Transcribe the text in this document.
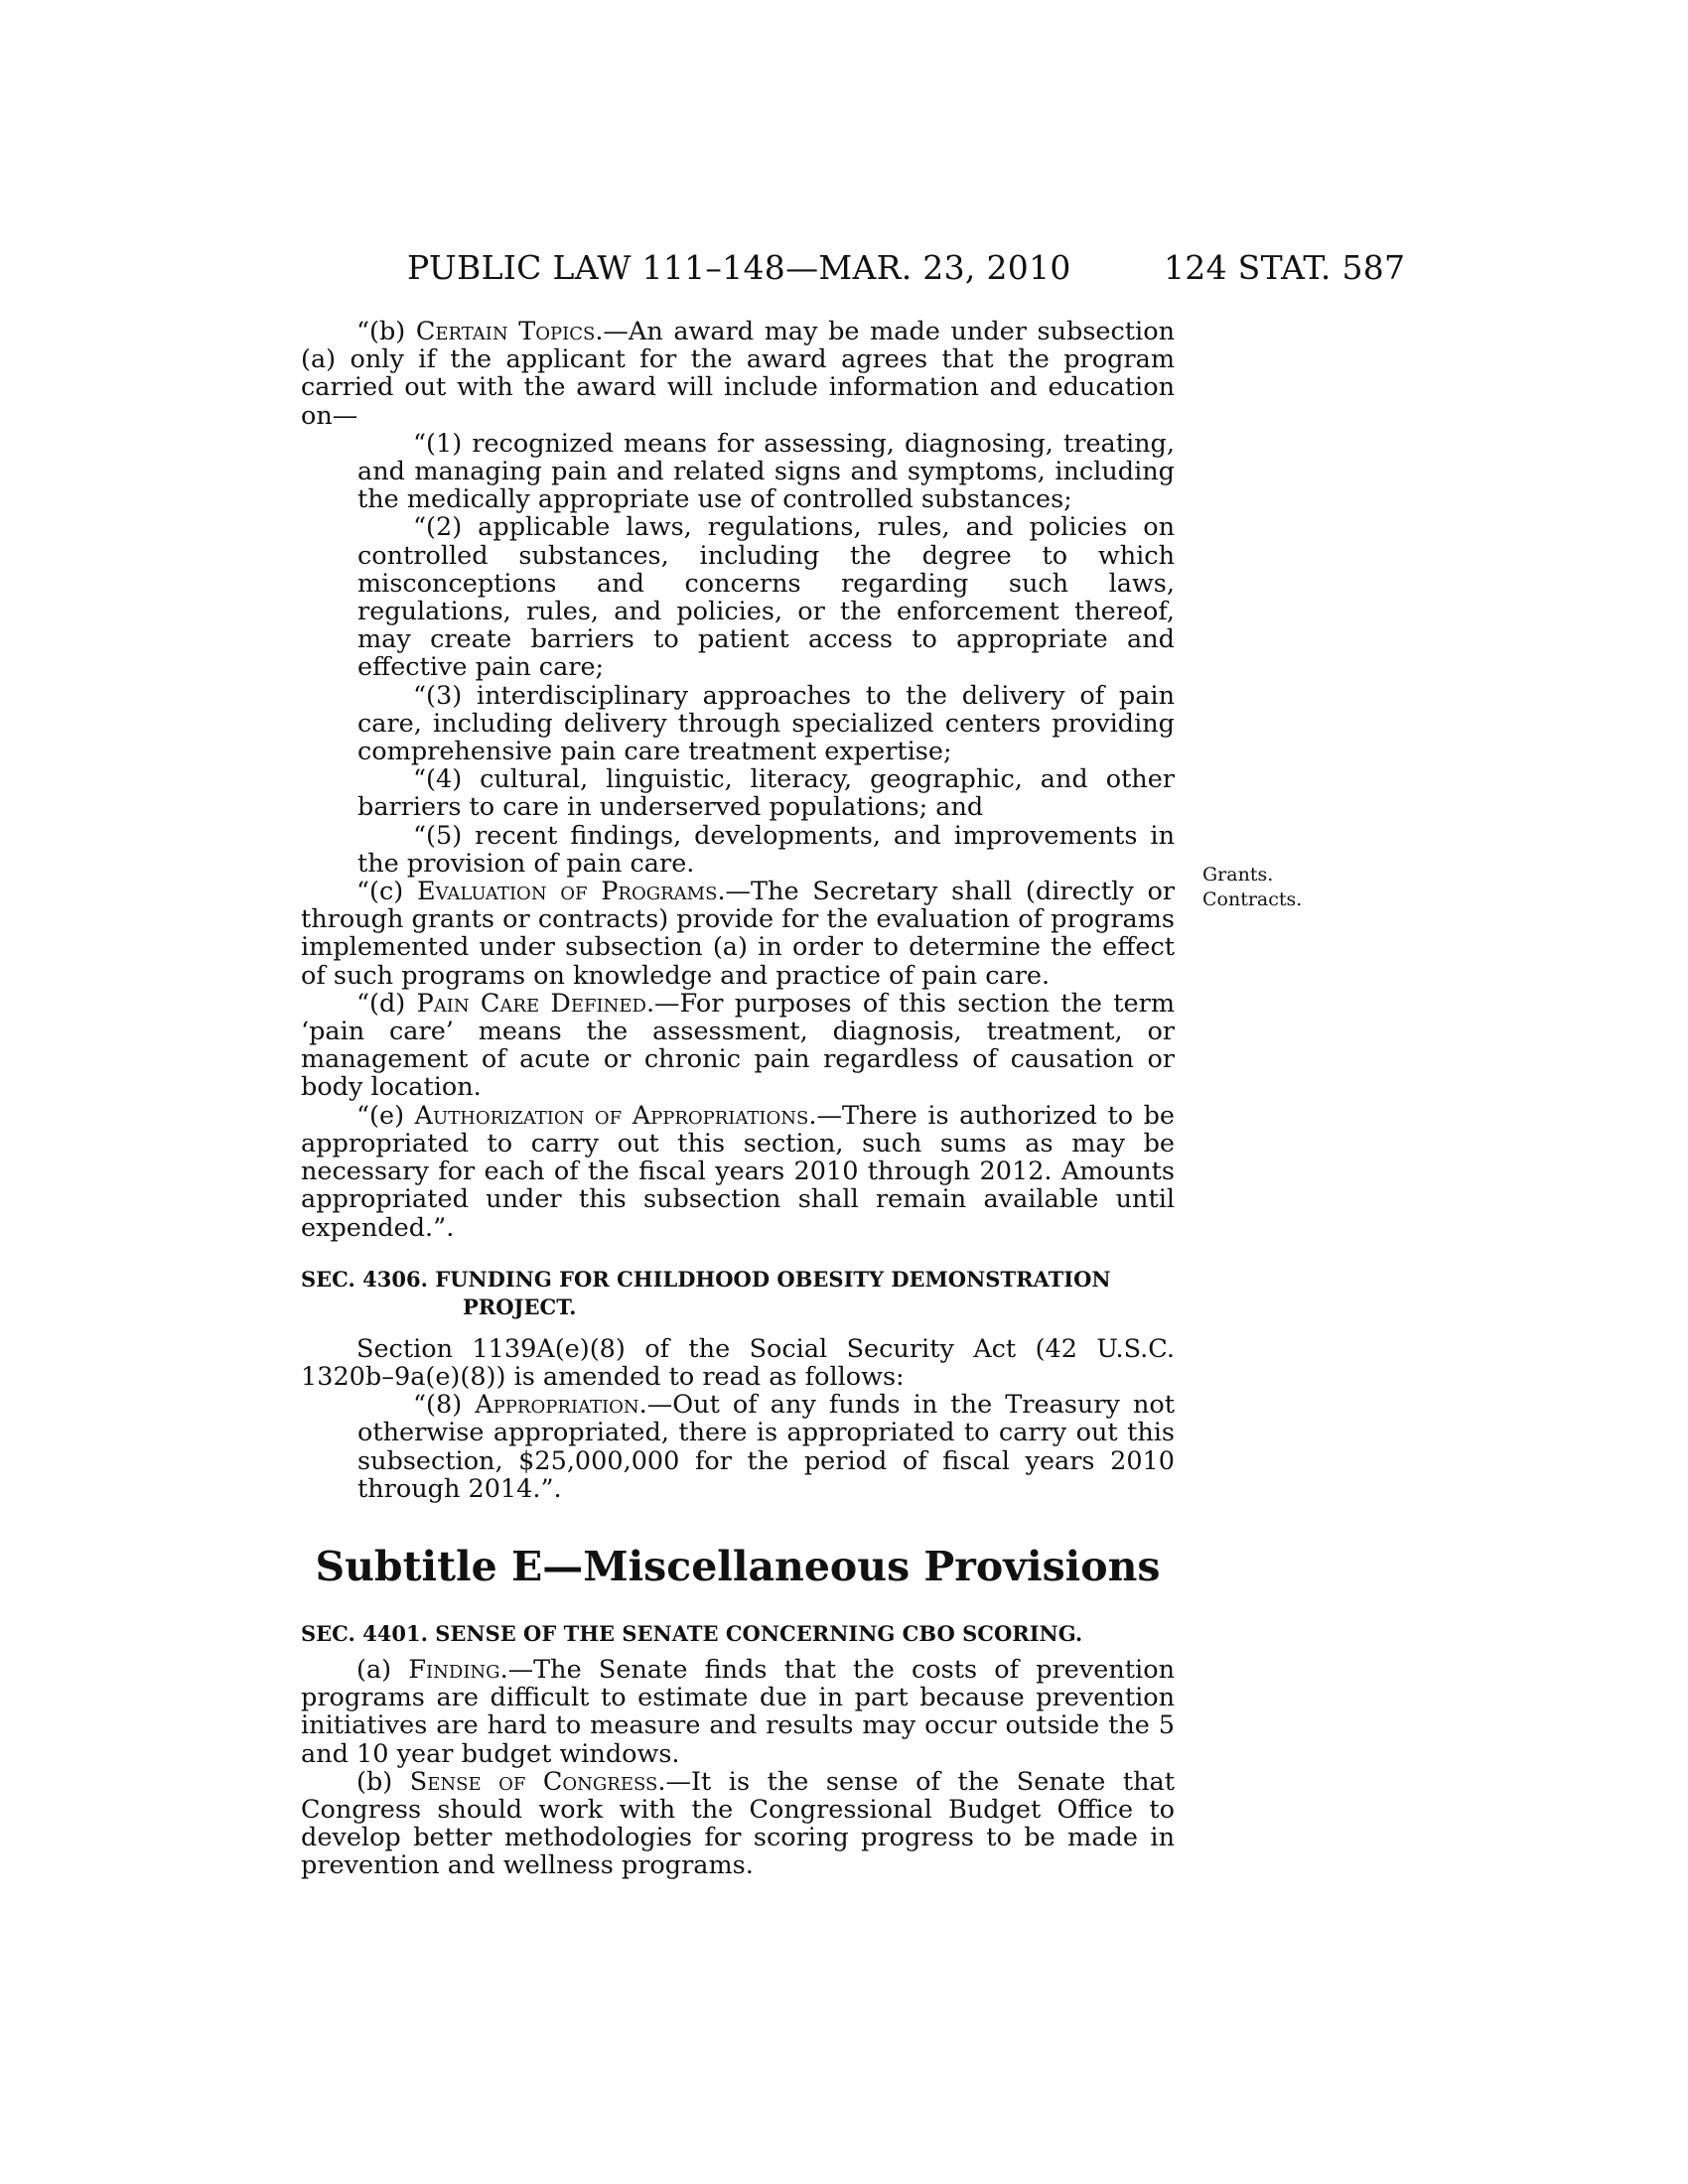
PUBLIC LAW 111–148—MAR. 23, 2010	124 STAT. 587
Grants.
Contracts.

“(b) Certain Topics.—An award may be made under subsection (a) only if the applicant for the award agrees that the program carried out with the award will include information and education on—

“(1) recognized means for assessing, diagnosing, treating, and managing pain and related signs and symptoms, including the medically appropriate use of controlled substances;

“(2) applicable laws, regulations, rules, and policies on controlled substances, including the degree to which misconceptions and concerns regarding such laws, regulations, rules, and policies, or the enforcement thereof, may create barriers to patient access to appropriate and effective pain care;

“(3) interdisciplinary approaches to the delivery of pain care, including delivery through specialized centers providing comprehensive pain care treatment expertise;

“(4) cultural, linguistic, literacy, geographic, and other barriers to care in underserved populations; and

“(5) recent findings, developments, and improvements in the provision of pain care.

“(c) Evaluation of Programs.—The Secretary shall (directly or through grants or contracts) provide for the evaluation of programs implemented under subsection (a) in order to determine the effect of such programs on knowledge and practice of pain care.

“(d) Pain Care Defined.—For purposes of this section the term ‘pain care’ means the assessment, diagnosis, treatment, or management of acute or chronic pain regardless of causation or body location.

“(e) Authorization of Appropriations.—There is authorized to be appropriated to carry out this section, such sums as may be necessary for each of the fiscal years 2010 through 2012. Amounts appropriated under this subsection shall remain available until expended.”.

SEC. 4306. FUNDING FOR CHILDHOOD OBESITY DEMONSTRATION
PROJECT.

Section 1139A(e)(8) of the Social Security Act (42 U.S.C. 1320b–9a(e)(8)) is amended to read as follows:

“(8) Appropriation.—Out of any funds in the Treasury not otherwise appropriated, there is appropriated to carry out this subsection, $25,000,000 for the period of fiscal years 2010 through 2014.”.

Subtitle E—Miscellaneous Provisions
SEC. 4401. SENSE OF THE SENATE CONCERNING CBO SCORING.

(a) Finding.—The Senate finds that the costs of prevention programs are difficult to estimate due in part because prevention initiatives are hard to measure and results may occur outside the 5 and 10 year budget windows.

(b) Sense of Congress.—It is the sense of the Senate that Congress should work with the Congressional Budget Office to develop better methodologies for scoring progress to be made in prevention and wellness programs.
